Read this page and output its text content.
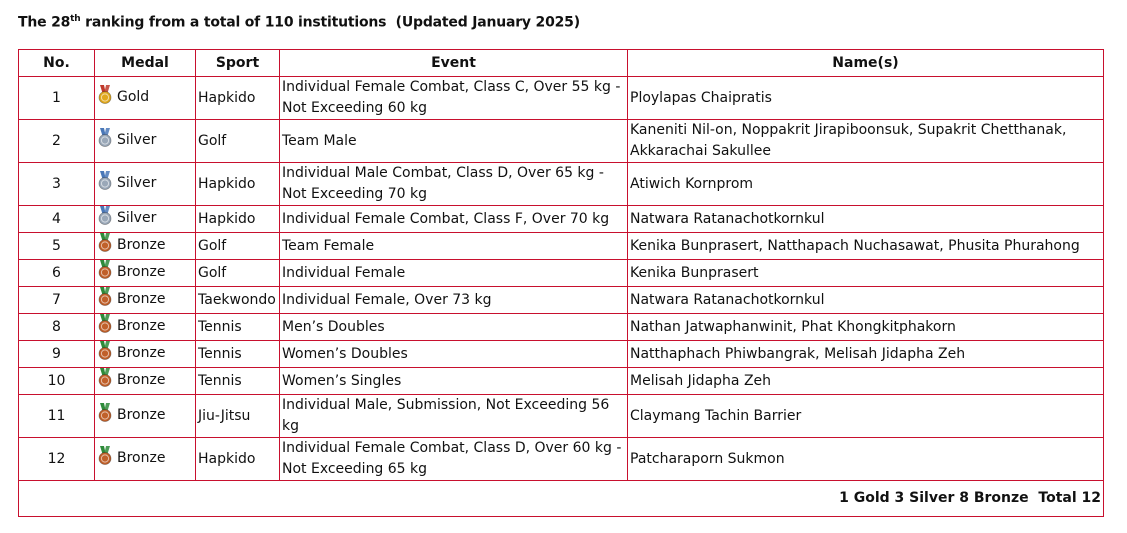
The 28th ranking from a total of 110 institutions  (Updated January 2025)
No.	Medal	Sport	Event	Name(s)
1	Gold	Hapkido	Individual Female Combat, Class C, Over 55 kg - Not Exceeding 60 kg	Ploylapas Chaipratis
2	Silver	Golf	Team Male	Kaneniti Nil-on, Noppakrit Jirapiboonsuk, Supakrit Chetthanak, Akkarachai Sakullee
3	Silver	Hapkido	Individual Male Combat, Class D, Over 65 kg - Not Exceeding 70 kg	Atiwich Kornprom
4	Silver	Hapkido	Individual Female Combat, Class F, Over 70 kg	Natwara Ratanachotkornkul
5	Bronze	Golf	Team Female	Kenika Bunprasert, Natthapach Nuchasawat, Phusita Phurahong
6	Bronze	Golf	Individual Female	Kenika Bunprasert
7	Bronze	Taekwondo	Individual Female, Over 73 kg	Natwara Ratanachotkornkul
8	Bronze	Tennis	Men’s Doubles	Nathan Jatwaphanwinit, Phat Khongkitphakorn
9	Bronze	Tennis	Women’s Doubles	Natthaphach Phiwbangrak, Melisah Jidapha Zeh
10	Bronze	Tennis	Women’s Singles	Melisah Jidapha Zeh
11	Bronze	Jiu-Jitsu	Individual Male, Submission, Not Exceeding 56 kg	Claymang Tachin Barrier
12	Bronze	Hapkido	Individual Female Combat, Class D, Over 60 kg - Not Exceeding 65 kg	Patcharaporn Sukmon
1 Gold 3 Silver 8 Bronze  Total 12				
